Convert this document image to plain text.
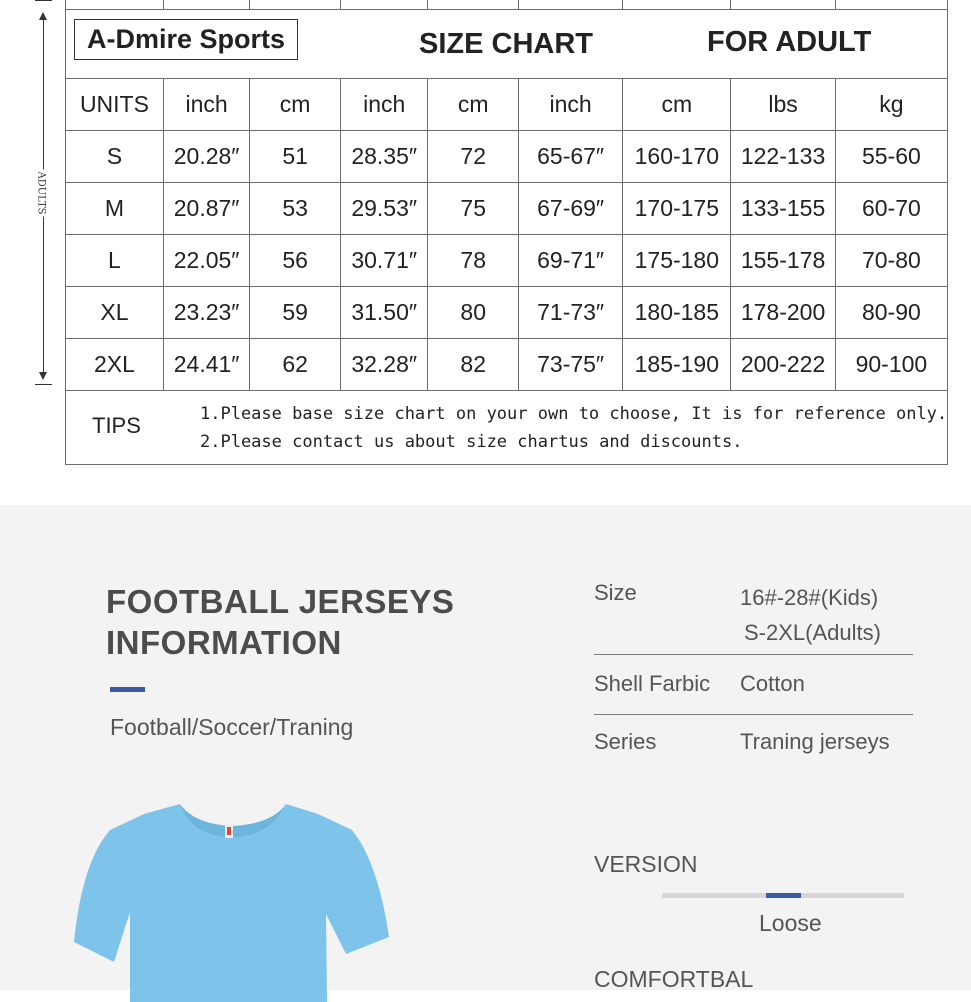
ADULTS

A-Dmire Sports SIZE CHART FOR ADULT								

UNITS	inch	cm	inch	cm	inch	cm	lbs	kg
S	20.28″	51	28.35″	72	65-67″	160-170	122-133	55-60
M	20.87″	53	29.53″	75	67-69″	170-175	133-155	60-70
L	22.05″	56	30.71″	78	69-71″	175-180	155-178	70-80
XL	23.23″	59	31.50″	80	71-73″	180-185	178-200	80-90
2XL	24.41″	62	32.28″	82	73-75″	185-190	200-222	90-100

TIPS 1.Please base size chart on your own to choose, It is for reference only.
2.Please contact us about size chartus and discounts.								
FOOTBALL JERSEYS
INFORMATION
Football/Soccer/Traning
Size	16#-28#(Kids)
S-2XL(Adults)
Shell Farbic Cotton
Series	Traning jerseys
VERSION
Loose
COMFORTBAL
